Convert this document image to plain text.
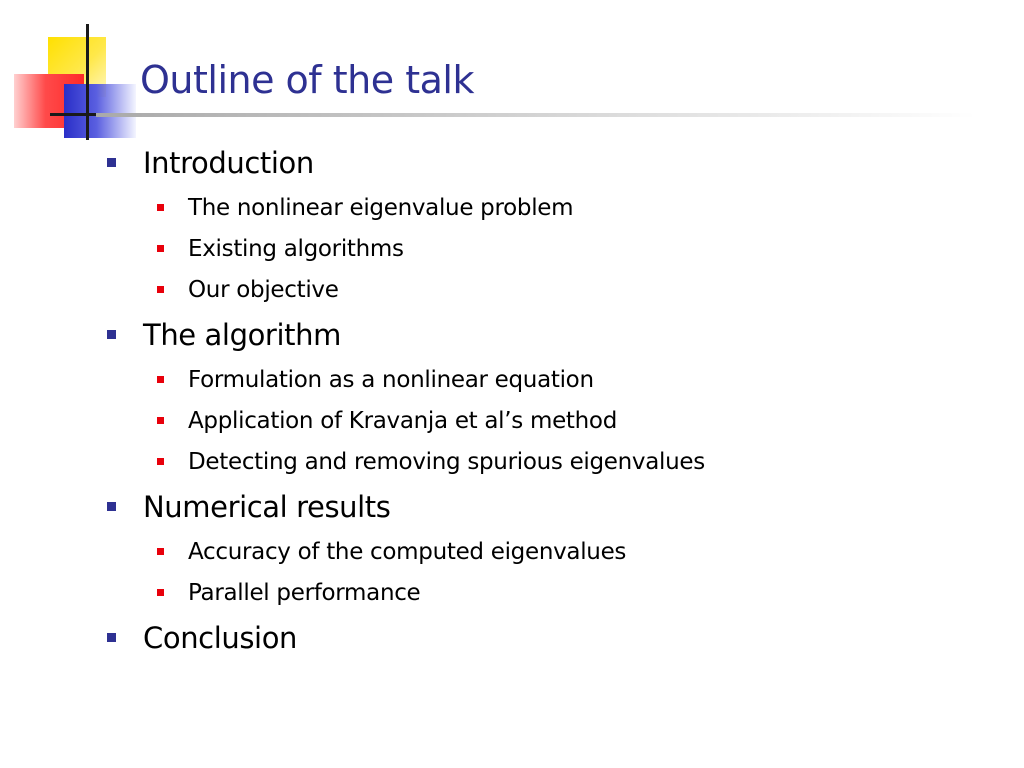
Outline of the talk
Introduction
The nonlinear eigenvalue problem
Existing algorithms
Our objective
The algorithm
Formulation as a nonlinear equation
Application of Kravanja et al’s method
Detecting and removing spurious eigenvalues
Numerical results
Accuracy of the computed eigenvalues
Parallel performance
Conclusion
